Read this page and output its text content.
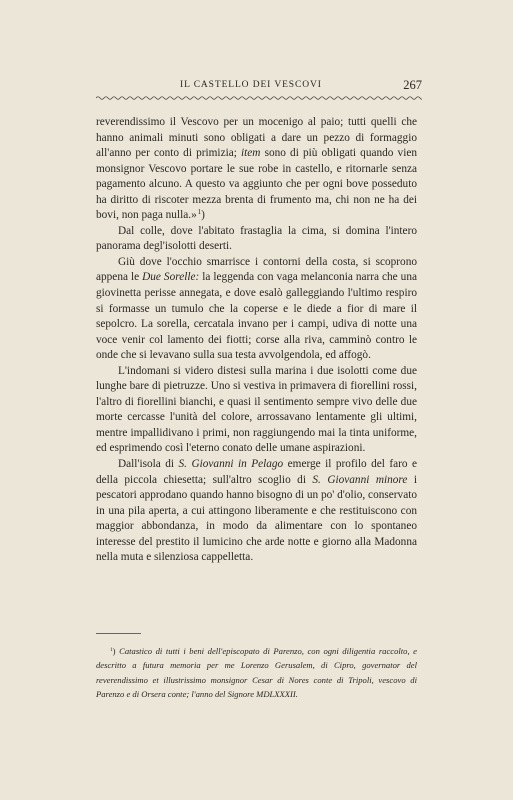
IL CASTELLO DEI VESCOVI	267

reverendissimo il Vescovo per un mocenigo al paio; tutti quelli che hanno animali minuti sono obligati a dare un pezzo di formaggio all'anno per conto di primizia; item sono di più obligati quando vien monsignor Vescovo portare le sue robe in castello, e ritornarle senza pagamento alcuno. A questo va aggiunto che per ogni bove posseduto ha diritto di riscoter mezza brenta di frumento ma, chi non ne ha dei bovi, non paga nulla.» $^1$)

Dal colle, dove l'abitato frastaglia la cima, si domina l'intero panorama degl'isolotti deserti.

Giù dove l'occhio smarrisce i contorni della costa, si scoprono appena le Due Sorelle: la leggenda con vaga melanconia narra che una giovinetta perisse annegata, e dove esalò galleggiando l'ultimo respiro si formasse un tumulo che la coperse e le diede a fior di mare il sepolcro. La sorella, cercatala invano per i campi, udiva di notte una voce venir col lamento dei fiotti; corse alla riva, camminò contro le onde che si levavano sulla sua testa avvolgendola, ed affogò.

L'indomani si videro distesi sulla marina i due isolotti come due lunghe bare di pietruzze. Uno si vestiva in primavera di fiorellini rossi, l'altro di fiorellini bianchi, e quasi il sentimento sempre vivo delle due morte cercasse l'unità del colore, arrossavano lentamente gli ultimi, mentre impallidivano i primi, non raggiungendo mai la tinta uniforme, ed esprimendo così l'eterno conato delle umane aspirazioni.

Dall'isola di S. Giovanni in Pelago emerge il profilo del faro e della piccola chiesetta; sull'altro scoglio di S. Giovanni minore i pescatori approdano quando hanno bisogno di un po' d'olio, conservato in una pila aperta, a cui attingono liberamente e che restituiscono con maggior abbondanza, in modo da alimentare con lo spontaneo interesse del prestito il lumicino che arde notte e giorno alla Madonna nella muta e silenziosa cappelletta.

$^1$) Catastico di tutti i beni dell'episcopato di Parenzo, con ogni diligentia raccolto, e descritto a futura memoria per me Lorenzo Gerusalem, di Cipro, governator del reverendissimo et illustrissimo monsignor Cesar di Nores conte di Tripoli, vescovo di Parenzo e di Orsera conte; l'anno del Signore MDLXXXII.
